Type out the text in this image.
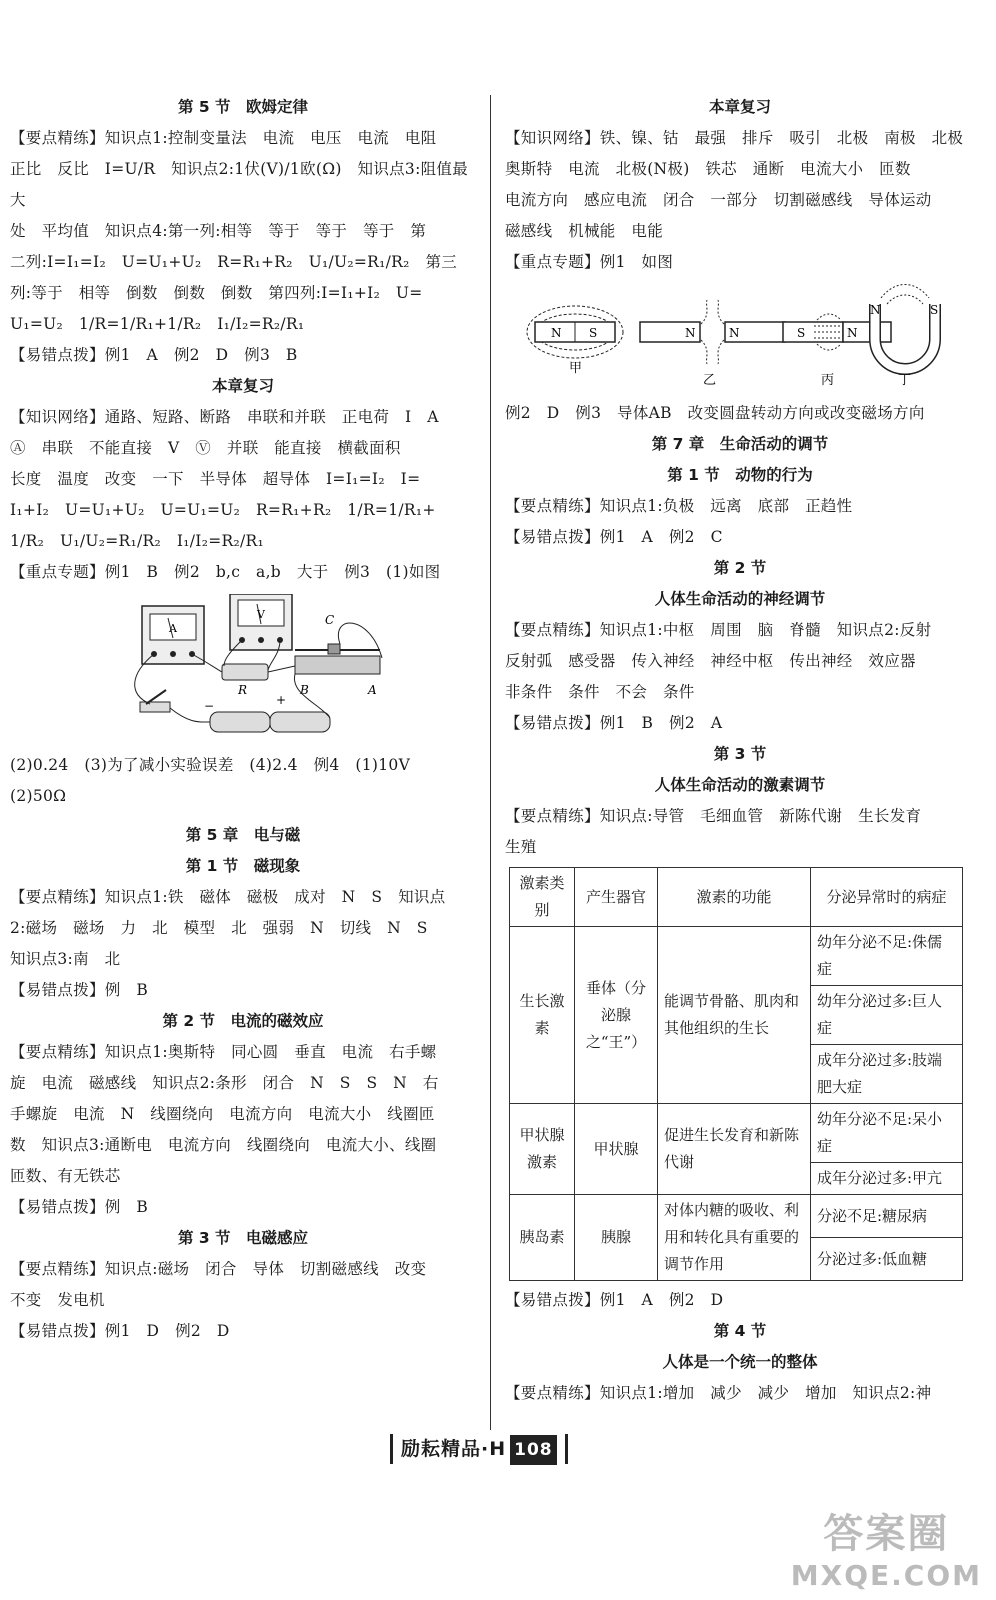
第 5 节　欧姆定律
【要点精练】知识点1:控制变量法　电流　电压　电流　电阻
正比　反比　I=U/R　知识点2:1伏(V)/1欧(Ω)　知识点3:阻值最大
处　平均值　知识点4:第一列:相等　等于　等于　等于　第
二列:I=I₁=I₂　U=U₁+U₂　R=R₁+R₂　U₁/U₂=R₁/R₂　第三
列:等于　相等　倒数　倒数　倒数　第四列:I=I₁+I₂　U=
U₁=U₂　1/R=1/R₁+1/R₂　I₁/I₂=R₂/R₁
【易错点拨】例1　A　例2　D　例3　B
本章复习
【知识网络】通路、短路、断路　串联和并联　正电荷　I　A
Ⓐ　串联　不能直接　V　Ⓥ　并联　能直接　横截面积
长度　温度　改变　一下　半导体　超导体　I=I₁=I₂　I=
I₁+I₂　U=U₁+U₂　U=U₁=U₂　R=R₁+R₂　1/R=1/R₁+
1/R₂　U₁/U₂=R₁/R₂　I₁/I₂=R₂/R₁
【重点专题】例1　B　例2　b,c　a,b　大于　例3　(1)如图
A
V
R
C
B	A
−	+
(2)0.24　(3)为了减小实验误差　(4)2.4　例4　(1)10V
(2)50Ω
第 5 章　电与磁
第 1 节　磁现象
【要点精练】知识点1:铁　磁体　磁极　成对　N　S　知识点
2:磁场　磁场　力　北　模型　北　强弱　N　切线　N　S
知识点3:南　北
【易错点拨】例　B
第 2 节　电流的磁效应
【要点精练】知识点1:奥斯特　同心圆　垂直　电流　右手螺
旋　电流　磁感线　知识点2:条形　闭合　N　S　S　N　右
手螺旋　电流　N　线圈绕向　电流方向　电流大小　线圈匝
数　知识点3:通断电　电流方向　线圈绕向　电流大小、线圈
匝数、有无铁芯
【易错点拨】例　B
第 3 节　电磁感应
【要点精练】知识点:磁场　闭合　导体　切割磁感线　改变
不变　发电机
【易错点拨】例1　D　例2　D
本章复习
【知识网络】铁、镍、钴　最强　排斥　吸引　北极　南极　北极
奥斯特　电流　北极(N极)　铁芯　通断　电流大小　匝数
电流方向　感应电流　闭合　一部分　切割磁感线　导体运动
磁感线　机械能　电能
【重点专题】例1　如图
N S
甲
N	N
乙
S	N
丙
N	S
丁
例2　D　例3　导体AB　改变圆盘转动方向或改变磁场方向
第 7 章　生命活动的调节
第 1 节　动物的行为
【要点精练】知识点1:负极　远离　底部　正趋性
【易错点拨】例1　A　例2　C
第 2 节
人体生命活动的神经调节
【要点精练】知识点1:中枢　周围　脑　脊髓　知识点2:反射
反射弧　感受器　传入神经　神经中枢　传出神经　效应器
非条件　条件　不会　条件
【易错点拨】例1　B　例2　A
第 3 节
人体生命活动的激素调节
【要点精练】知识点:导管　毛细血管　新陈代谢　生长发育
生殖
激素类别	产生器官	激素的功能	分泌异常时的病症
生长激素	垂体（分泌腺之“王”）	能调节骨骼、肌肉和其他组织的生长	幼年分泌不足:侏儒症
			幼年分泌过多:巨人症
			成年分泌过多:肢端肥大症
甲状腺激素	甲状腺	促进生长发育和新陈代谢	幼年分泌不足:呆小症
			成年分泌过多:甲亢
胰岛素	胰腺	对体内糖的吸收、利用和转化具有重要的调节作用	分泌不足:糖尿病
			分泌过多:低血糖
【易错点拨】例1　A　例2　D
第 4 节
人体是一个统一的整体
【要点精练】知识点1:增加　减少　减少　增加　知识点2:神
励耘精品·H 108
答案圈
MXQE.COM
